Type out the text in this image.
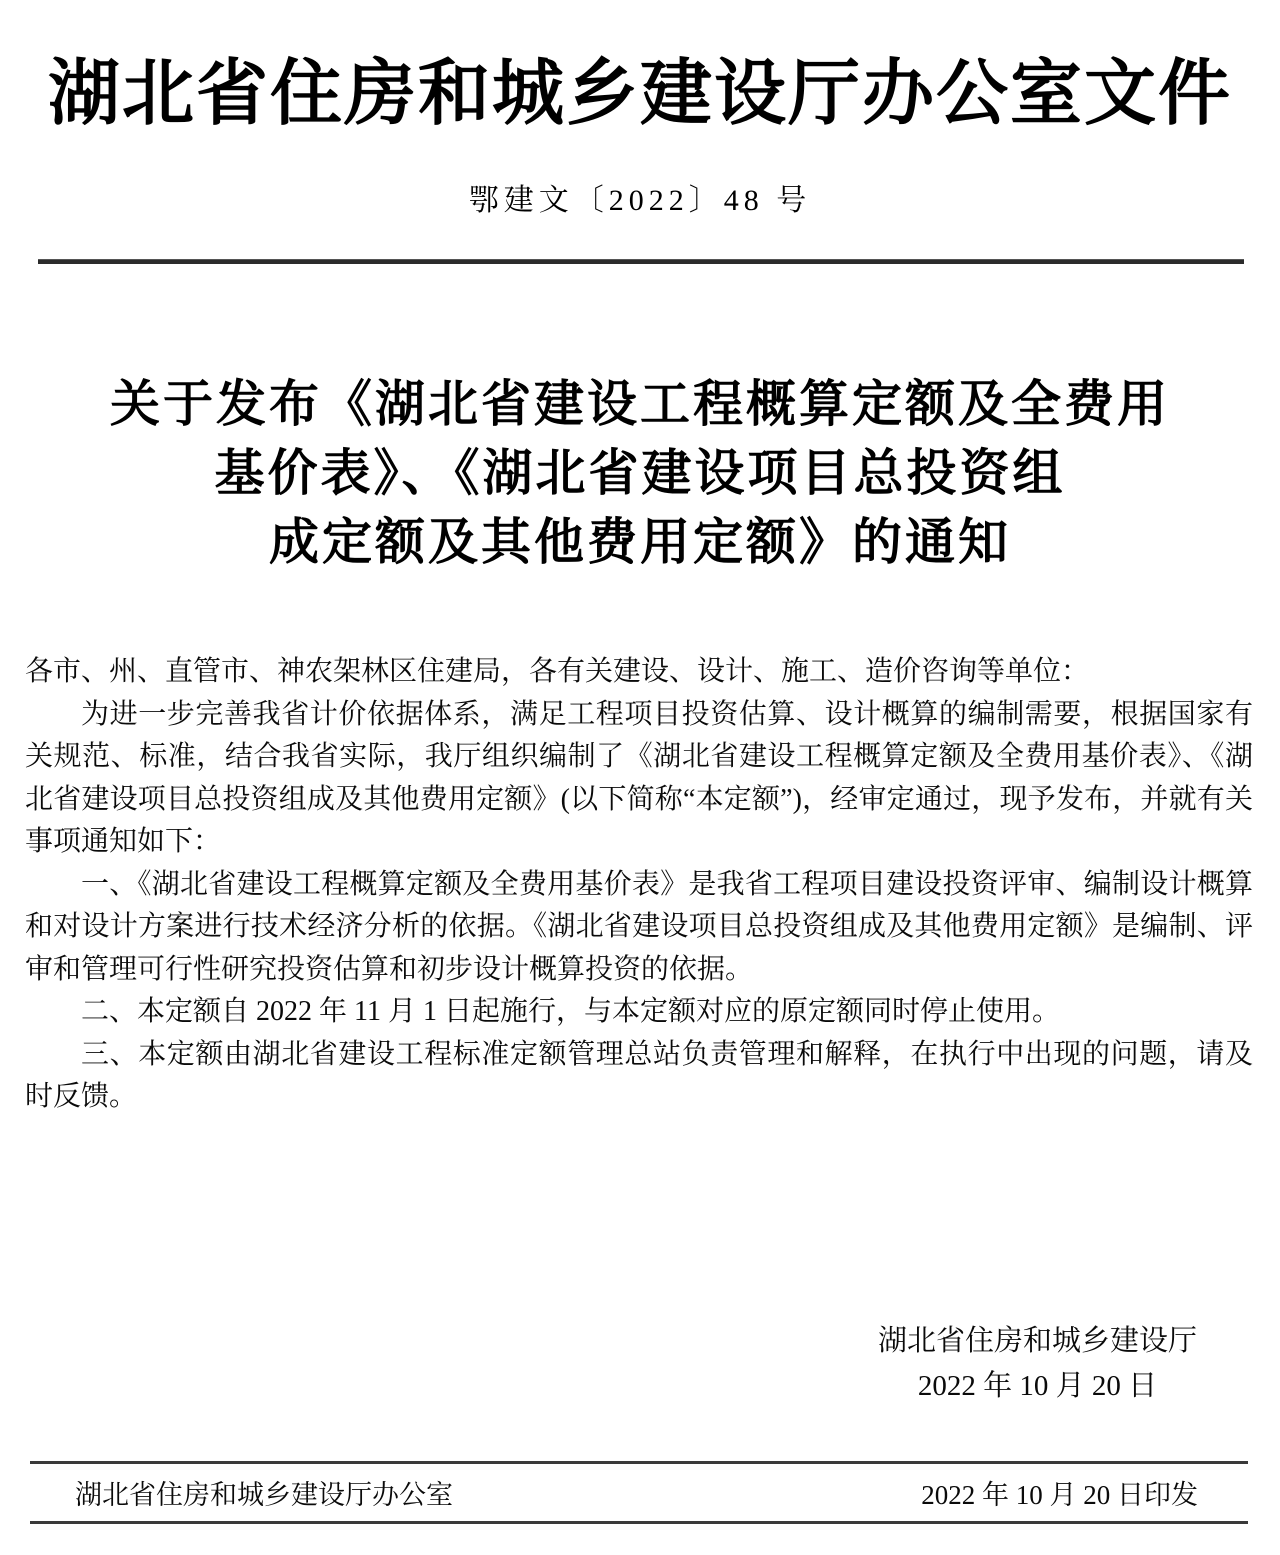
湖北省住房和城乡建设厅办公室文件
鄂建文〔2022〕48 号
关于发布《湖北省建设工程概算定额及全费用
基价表》、《湖北省建设项目总投资组
成定额及其他费用定额》的通知

各市、州、直管市、神农架林区住建局，各有关建设、设计、施工、造价咨询等单位：

为进一步完善我省计价依据体系，满足工程项目投资估算、设计概算的编制需要，根据国家有关规范、标准，结合我省实际，我厅组织编制了《湖北省建设工程概算定额及全费用基价表》、《湖北省建设项目总投资组成及其他费用定额》(以下简称“本定额”)，经审定通过，现予发布，并就有关事项通知如下：

一、《湖北省建设工程概算定额及全费用基价表》是我省工程项目建设投资评审、编制设计概算和对设计方案进行技术经济分析的依据。《湖北省建设项目总投资组成及其他费用定额》是编制、评审和管理可行性研究投资估算和初步设计概算投资的依据。

二、本定额自 2022 年 11 月 1 日起施行，与本定额对应的原定额同时停止使用。

三、本定额由湖北省建设工程标准定额管理总站负责管理和解释，在执行中出现的问题，请及时反馈。

湖北省住房和城乡建设厅
2022 年 10 月 20 日
湖北省住房和城乡建设厅办公室	2022 年 10 月 20 日印发
